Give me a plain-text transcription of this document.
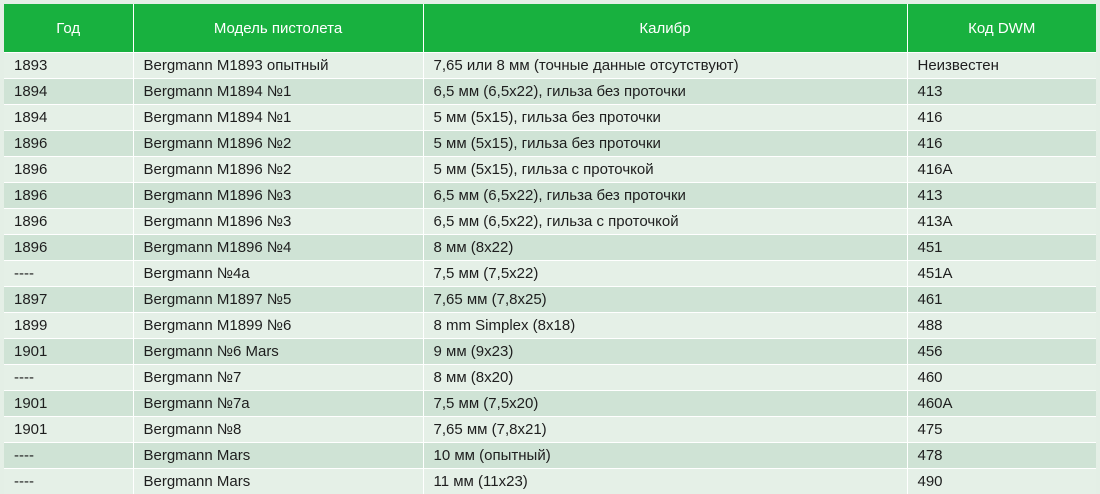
Год	Модель пистолета	Калибр	Код DWM
1893	Bergmann M1893 опытный	7,65 или 8 мм (точные данные отсутствуют)	Неизвестен
1894	Bergmann M1894 №1	6,5 мм (6,5x22), гильза без проточки	413
1894	Bergmann M1894 №1	5 мм (5x15), гильза без проточки	416
1896	Bergmann M1896 №2	5 мм (5x15), гильза без проточки	416
1896	Bergmann M1896 №2	5 мм (5x15), гильза с проточкой	416A
1896	Bergmann M1896 №3	6,5 мм (6,5x22), гильза без проточки	413
1896	Bergmann M1896 №3	6,5 мм (6,5x22), гильза с проточкой	413A
1896	Bergmann M1896 №4	8 мм (8x22)	451
----	Bergmann №4a	7,5 мм (7,5x22)	451A
1897	Bergmann M1897 №5	7,65 мм (7,8x25)	461
1899	Bergmann M1899 №6	8 mm Simplex (8x18)	488
1901	Bergmann №6 Mars	9 мм (9x23)	456
----	Bergmann №7	8 мм (8x20)	460
1901	Bergmann №7a	7,5 мм (7,5x20)	460A
1901	Bergmann №8	7,65 мм (7,8x21)	475
----	Bergmann Mars	10 мм (опытный)	478
----	Bergmann Mars	11 мм (11x23)	490
